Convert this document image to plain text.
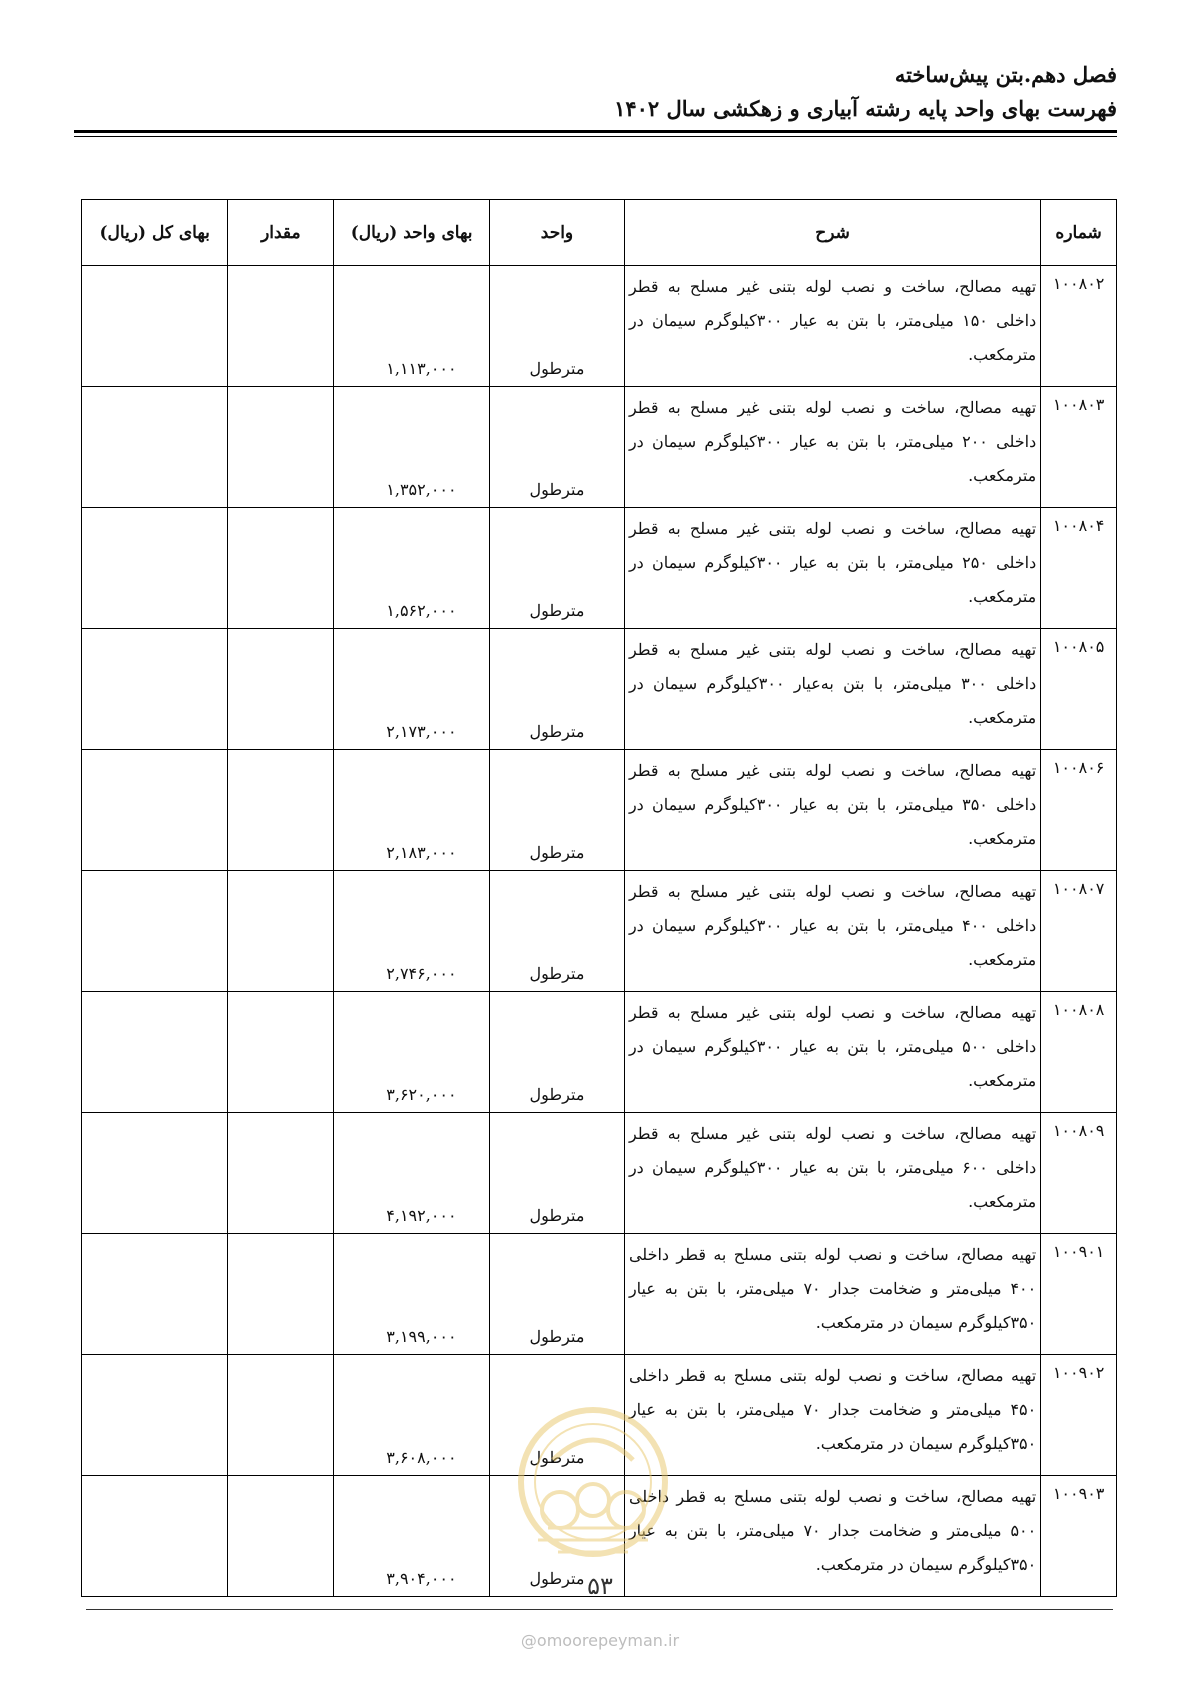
فصل دهم.بتن پیش‌ساخته
فهرست بهای واحد پایه رشته آبیاری و زهکشی سال ۱۴۰۲
شماره	شرح	واحد	بهای واحد (ریال)	مقدار	بهای کل (ریال)
۱۰۰۸۰۲	تهیه مصالح، ساخت و نصب لوله بتنی غیر مسلح به قطر داخلی ۱۵۰ میلی‌متر، با بتن به عیار ۳۰۰کیلوگرم سیمان در مترمکعب.	مترطول	۱,۱۱۳,۰۰۰		
۱۰۰۸۰۳	تهیه مصالح، ساخت و نصب لوله بتنی غیر مسلح به قطر داخلی ۲۰۰ میلی‌متر، با بتن به عیار ۳۰۰کیلوگرم سیمان در مترمکعب.	مترطول	۱,۳۵۲,۰۰۰		
۱۰۰۸۰۴	تهیه مصالح، ساخت و نصب لوله بتنی غیر مسلح به قطر داخلی ۲۵۰ میلی‌متر، با بتن به عیار ۳۰۰کیلوگرم سیمان در مترمکعب.	مترطول	۱,۵۶۲,۰۰۰		
۱۰۰۸۰۵	تهیه مصالح، ساخت و نصب لوله بتنی غیر مسلح به قطر داخلی ۳۰۰ میلی‌متر، با بتن به‌عیار ۳۰۰کیلوگرم سیمان در مترمکعب.	مترطول	۲,۱۷۳,۰۰۰		
۱۰۰۸۰۶	تهیه مصالح، ساخت و نصب لوله بتنی غیر مسلح به قطر داخلی ۳۵۰ میلی‌متر، با بتن به عیار ۳۰۰کیلوگرم سیمان در مترمکعب.	مترطول	۲,۱۸۳,۰۰۰		
۱۰۰۸۰۷	تهیه مصالح، ساخت و نصب لوله بتنی غیر مسلح به قطر داخلی ۴۰۰ میلی‌متر، با بتن به عیار ۳۰۰کیلوگرم سیمان در مترمکعب.	مترطول	۲,۷۴۶,۰۰۰		
۱۰۰۸۰۸	تهیه مصالح، ساخت و نصب لوله بتنی غیر مسلح به قطر داخلی ۵۰۰ میلی‌متر، با بتن به عیار ۳۰۰کیلوگرم سیمان در مترمکعب.	مترطول	۳,۶۲۰,۰۰۰		
۱۰۰۸۰۹	تهیه مصالح، ساخت و نصب لوله بتنی غیر مسلح به قطر داخلی ۶۰۰ میلی‌متر، با بتن به عیار ۳۰۰کیلوگرم سیمان در مترمکعب.	مترطول	۴,۱۹۲,۰۰۰		
۱۰۰۹۰۱	تهیه مصالح، ساخت و نصب لوله بتنی مسلح به قطر داخلی ۴۰۰ میلی‌متر و ضخامت جدار ۷۰ میلی‌متر، با بتن به عیار ۳۵۰کیلوگرم سیمان در مترمکعب.	مترطول	۳,۱۹۹,۰۰۰		
۱۰۰۹۰۲	تهیه مصالح، ساخت و نصب لوله بتنی مسلح به قطر داخلی ۴۵۰ میلی‌متر و ضخامت جدار ۷۰ میلی‌متر، با بتن به عیار ۳۵۰کیلوگرم سیمان در مترمکعب.	مترطول	۳,۶۰۸,۰۰۰		
۱۰۰۹۰۳	تهیه مصالح، ساخت و نصب لوله بتنی مسلح به قطر داخلی ۵۰۰ میلی‌متر و ضخامت جدار ۷۰ میلی‌متر، با بتن به عیار ۳۵۰کیلوگرم سیمان در مترمکعب.	مترطول	۳,۹۰۴,۰۰۰			۵۳
@omoorepeyman.ir
